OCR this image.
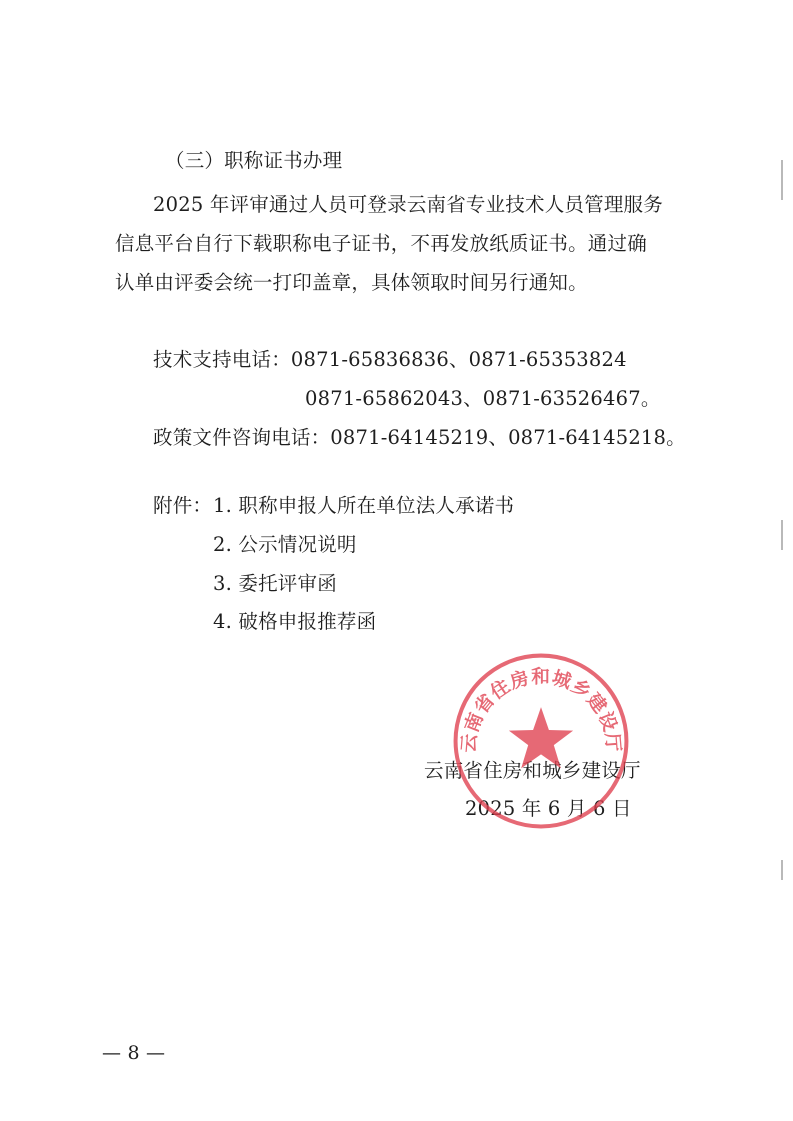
（三）职称证书办理
2025 年评审通过人员可登录云南省专业技术人员管理服务
信息平台自行下载职称电子证书，不再发放纸质证书。通过确
认单由评委会统一打印盖章，具体领取时间另行通知。
技术支持电话：0871-65836836、0871-65353824
0871-65862043、0871-63526467。
政策文件咨询电话：0871-64145219、0871-64145218。
附件： 1. 职称申报人所在单位法人承诺书
2. 公示情况说明
3. 委托评审函
4. 破格申报推荐函
云南省住房和城乡建设厅
2025 年 6 月 6 日
云南省住房和城乡建设厅
— 8 —
